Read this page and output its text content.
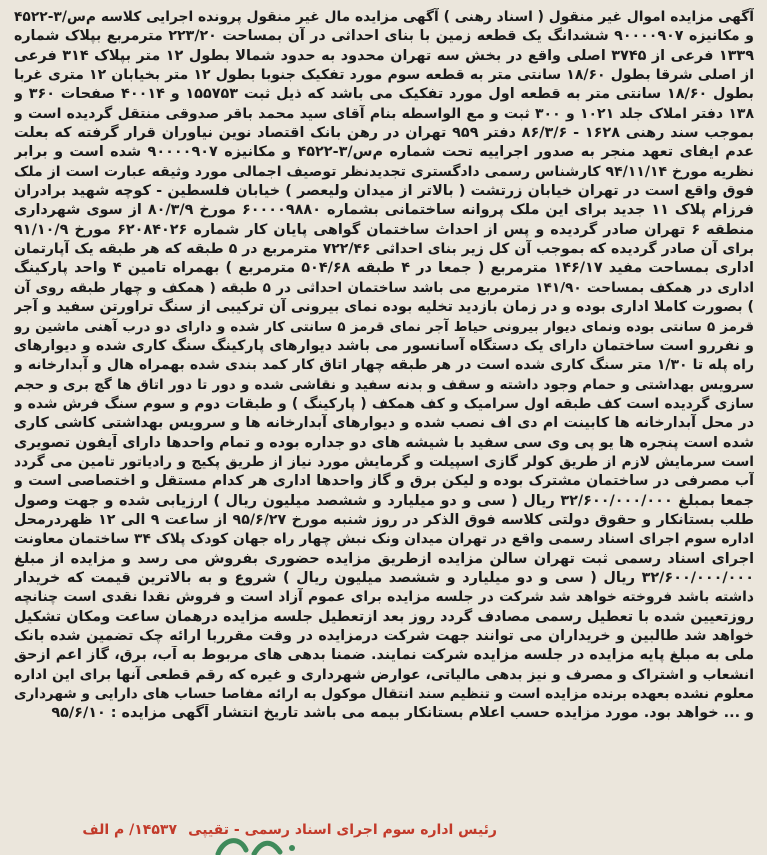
آگهی مزایده اموال غیر منقول ( اسناد رهنی ) آگهی مزایده مال غیر منقول پرونده اجرایی کلاسه م‌س/۳-۴۵۲۲
و مکانیزه ۹۰۰۰۰۹۰۷ ششدانگ یک قطعه زمین با بنای احداثی در آن بمساحت ۲۲۳/۲۰ مترمربع بپلاک شماره
۱۳۳۹ فرعی از ۳۷۴۵ اصلی واقع در بخش سه تهران محدود به حدود شمالا بطول ۱۲ متر بپلاک ۳۱۴ فرعی
از اصلی شرقا بطول ۱۸/۶۰ سانتی متر به قطعه سوم مورد تفکیک جنوبا بطول ۱۲ متر بخیابان ۱۲ متری غربا
بطول ۱۸/۶۰ سانتی متر به قطعه اول مورد تفکیک می باشد که ذیل ثبت ۱۵۵۷۵۳ و ۴۰۰۱۴ صفحات ۳۶۰ و
۱۳۸ دفتر املاک جلد ۱۰۲۱ و ۳۰۰ ثبت و مع الواسطه بنام آقای سید محمد باقر صدوقی منتقل گردیده است و
بموجب سند رهنی ۱۶۲۸ - ۸۶/۳/۶ دفتر ۹۵۹ تهران در رهن بانک اقتصاد نوین نیاوران قرار گرفته که بعلت
عدم ایفای تعهد منجر به صدور اجراییه تحت شماره م‌س/۳-۴۵۲۲ و مکانیزه ۹۰۰۰۰۹۰۷ شده است و برابر
نظریه مورخ ۹۴/۱۱/۱۴ کارشناس رسمی دادگستری تجدیدنظر توصیف اجمالی مورد وثیقه عبارت است از ملک
فوق واقع است در تهران خیابان زرتشت ( بالاتر از میدان ولیعصر ) خیابان فلسطین - کوچه شهید برادران
فرزام پلاک ۱۱ جدید برای این ملک پروانه ساختمانی بشماره ۶۰۰۰۰۹۸۸۰ مورخ ۸۰/۳/۹ از سوی شهرداری
منطقه ۶ تهران صادر گردیده و پس از احداث ساختمان گواهی پایان کار شماره ۶۲۰۸۴۰۲۶ مورخ ۹۱/۱۰/۹
برای آن صادر گردیده که بموجب آن کل زیر بنای احداثی ۷۲۲/۴۶ مترمربع در ۵ طبقه که هر طبقه یک آپارتمان
اداری بمساحت مفید ۱۴۶/۱۷ مترمربع ( جمعا در ۴ طبقه ۵۰۴/۶۸ مترمربع ) بهمراه تامین ۴ واحد پارکینگ
اداری در همکف بمساحت ۱۴۱/۹۰ مترمربع می باشد ساختمان احداثی در ۵ طبقه ( همکف و چهار طبقه روی آن
) بصورت کاملا اداری بوده و در زمان بازدید تخلیه بوده نمای بیرونی آن ترکیبی از سنگ تراورتن سفید و آجر
قرمز ۵ سانتی بوده ونمای دیوار بیرونی حیاط آجر نمای قرمز ۵ سانتی کار شده و دارای دو درب آهنی ماشین رو
و نفررو است ساختمان دارای یک دستگاه آسانسور می باشد دیوارهای پارکینگ سنگ کاری شده و دیوارهای
راه پله تا ۱/۳۰ متر سنگ کاری شده است در هر طبقه چهار اتاق کار کمد بندی شده بهمراه هال و آبدارخانه و
سرویس بهداشتی و حمام وجود داشته و سقف و بدنه سفید و نقاشی شده و دور تا دور اتاق ها گچ بری و حجم
سازی گردیده است کف طبقه اول سرامیک و کف همکف ( پارکینگ ) و طبقات دوم و سوم سنگ فرش شده و
در محل آبدارخانه ها کابینت ام دی اف نصب شده و دیوارهای آبدارخانه ها و سرویس بهداشتی کاشی کاری
شده است پنجره ها یو پی وی سی سفید با شیشه های دو جداره بوده و تمام واحدها دارای آیفون تصویری
است سرمایش لازم از طریق کولر گازی اسپیلت و گرمایش مورد نیاز از طریق پکیج و رادیاتور تامین می گردد
آب مصرفی در ساختمان مشترک بوده و لیکن برق و گاز واحدها اداری هر کدام مستقل و اختصاصی است و
جمعا بمبلغ ۳۲/۶۰۰/۰۰۰/۰۰۰ ریال ( سی و دو میلیارد و ششصد میلیون ریال ) ارزیابی شده و جهت وصول
طلب بستانکار و حقوق دولتی کلاسه فوق الذکر در روز شنبه مورخ ۹۵/۶/۲۷ از ساعت ۹ الی ۱۲ ظهردرمحل
اداره سوم اجرای اسناد رسمی واقع در تهران میدان ونک نبش چهار راه جهان کودک پلاک ۳۴ ساختمان معاونت
اجرای اسناد رسمی ثبت تهران سالن مزایده ازطریق مزایده حضوری بفروش می رسد و مزایده از مبلغ
۳۲/۶۰۰/۰۰۰/۰۰۰ ریال ( سی و دو میلیارد و ششصد میلیون ریال ) شروع و به بالاترین قیمت که خریدار
داشته باشد فروخته خواهد شد شرکت در جلسه مزایده برای عموم آزاد است و فروش نقدا نقدی است چنانچه
روزتعیین شده با تعطیل رسمی مصادف گردد روز بعد ازتعطیل جلسه مزایده درهمان ساعت ومکان تشکیل
خواهد شد طالبین و خریداران می توانند جهت شرکت درمزایده در وقت مقرربا ارائه چک تضمین شده بانک
ملی به مبلغ پایه مزایده در جلسه مزایده شرکت نمایند. ضمنا بدهی های مربوط به آب، برق، گاز اعم ازحق
انشعاب و اشتراک و مصرف و نیز بدهی مالیاتی، عوارض شهرداری و غیره که رقم قطعی آنها برای این اداره
معلوم نشده بعهده برنده مزایده است و تنظیم سند انتقال موکول به ارائه مفاصا حساب های دارایی و شهرداری
و ... خواهد بود. مورد مزایده حسب اعلام بستانکار بیمه می باشد تاریخ انتشار آگهی مزایده : ۹۵/۶/۱۰
رئیس اداره سوم اجرای اسناد رسمی - تقیپی
۱۴۵۳۷/ م الف
